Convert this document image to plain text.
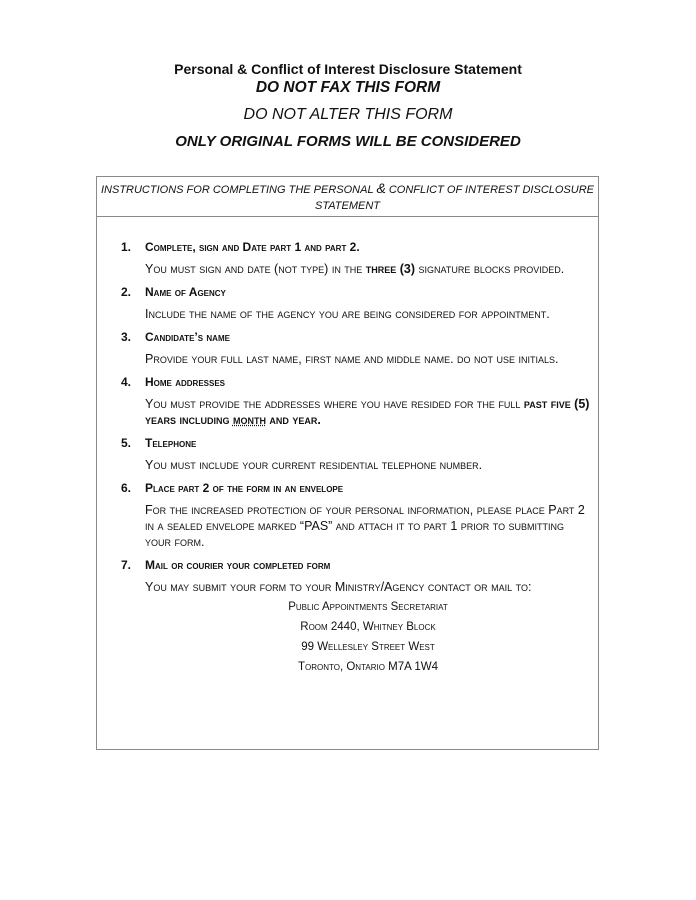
Personal & Conflict of Interest Disclosure Statement
DO NOT FAX THIS FORM
DO NOT ALTER THIS FORM
ONLY ORIGINAL FORMS WILL BE CONSIDERED
INSTRUCTIONS FOR COMPLETING THE PERSONAL & CONFLICT OF INTEREST DISCLOSURE STATEMENT
1.	Complete, sign and Date part 1 and part 2.
You must sign and date (not type) in the three (3) signature blocks provided.
2.	Name of Agency
Include the name of the agency you are being considered for appointment.
3.	Candidate’s name
Provide your full last name, first name and middle name. do not use initials.
4.	Home addresses
You must provide the addresses where you have resided for the full past five (5) years including month and year.
5.	Telephone
You must include your current residential telephone number.
6.	Place part 2 of the form in an envelope
For the increased protection of your personal information, please place Part 2 in a sealed envelope marked “PAS” and attach it to part 1 prior to submitting your form.
7.	Mail or courier your completed form
You may submit your form to your Ministry/Agency contact or mail to:
Public Appointments Secretariat
Room 2440, Whitney Block
99 Wellesley Street West
Toronto, Ontario M7A 1W4
